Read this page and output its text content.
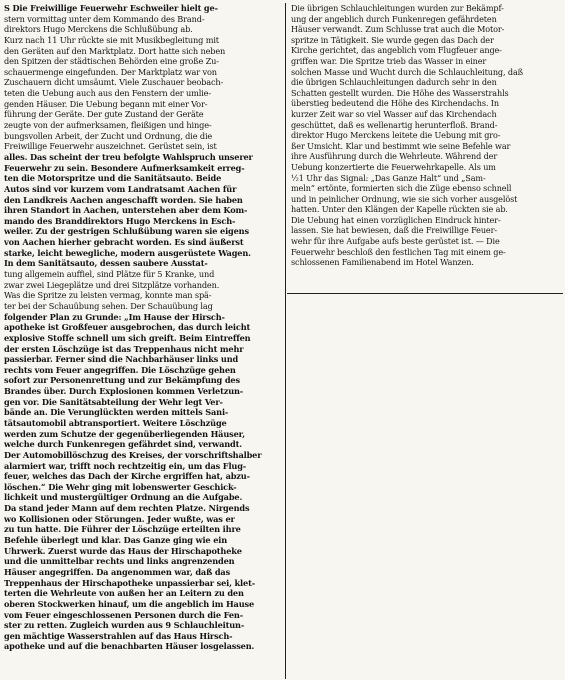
S Die Freiwillige Feuerwehr Eschweiler hielt ge-
stern vormittag unter dem Kommando des Brand-
direktors Hugo Merckens die Schlußübung ab.
Kurz nach 11 Uhr rückte sie mit Musikbegleitung mit
den Geräten auf den Marktplatz. Dort hatte sich neben
den Spitzen der städtischen Behörden eine große Zu-
schauermenge eingefunden. Der Marktplatz war von
Zuschauern dicht umsäumt. Viele Zuschauer beobach-
teten die Uebung auch aus den Fenstern der umlie-
genden Häuser. Die Uebung begann mit einer Vor-
führung der Geräte. Der gute Zustand der Geräte
zeugte von der aufmerksamen, fleißigen und hinge-
bungsvollen Arbeit, der Zucht und Ordnung, die die
Freiwillige Feuerwehr auszeichnet. Gerüstet sein, ist
alles. Das scheint der treu befolgte Wahlspruch unserer
Feuerwehr zu sein. Besondere Aufmerksamkeit erreg-
ten die Motorspritze und die Sanitätsauto. Beide
Autos sind vor kurzem vom Landratsamt Aachen für
den Landkreis Aachen angeschafft worden. Sie haben
ihren Standort in Aachen, unterstehen aber dem Kom-
mando des Branddirektors Hugo Merckens in Esch-
weiler. Zu der gestrigen Schlußübung waren sie eigens
von Aachen hierher gebracht worden. Es sind äußerst
starke, leicht bewegliche, modern ausgerüstete Wagen.
In dem Sanitätsauto, dessen saubere Ausstat-
tung allgemein auffiel, sind Plätze für 5 Kranke, und
zwar zwei Liegeplätze und drei Sitzplätze vorhanden.
Was die Spritze zu leisten vermag, konnte man spä-
ter bei der Schauübung sehen. Der Schauübung lag
folgender Plan zu Grunde: „Im Hause der Hirsch-
apotheke ist Großfeuer ausgebrochen, das durch leicht
explosive Stoffe schnell um sich greift. Beim Eintreffen
der ersten Löschzüge ist das Treppenhaus nicht mehr
passierbar. Ferner sind die Nachbarhäuser links und
rechts vom Feuer angegriffen. Die Löschzüge gehen
sofort zur Personenrettung und zur Bekämpfung des
Brandes über. Durch Explosionen kommen Verletzun-
gen vor. Die Sanitätsabteilung der Wehr legt Ver-
bände an. Die Verunglückten werden mittels Sani-
tätsautomobil abtransportiert. Weitere Löschzüge
werden zum Schutze der gegenüberliegenden Häuser,
welche durch Funkenregen gefährdet sind, verwandt.
Der Automobillöschzug des Kreises, der vorschriftshalber
alarmiert war, trifft noch rechtzeitig ein, um das Flug-
feuer, welches das Dach der Kirche ergriffen hat, abzu-
löschen.“ Die Wehr ging mit lobenswerter Geschick-
lichkeit und mustergültiger Ordnung an die Aufgabe.
Da stand jeder Mann auf dem rechten Platze. Nirgends
wo Kollisionen oder Störungen. Jeder wußte, was er
zu tun hatte. Die Führer der Löschzüge erteilten ihre
Befehle überlegt und klar. Das Ganze ging wie ein
Uhrwerk. Zuerst wurde das Haus der Hirschapotheke
und die unmittelbar rechts und links angrenzenden
Häuser angegriffen. Da angenommen war, daß das
Treppenhaus der Hirschapotheke unpassierbar sei, klet-
terten die Wehrleute von außen her an Leitern zu den
oberen Stockwerken hinauf, um die angeblich im Hause
vom Feuer eingeschlossenen Personen durch die Fen-
ster zu retten. Zugleich wurden aus 9 Schlauchleitun-
gen mächtige Wasserstrahlen auf das Haus Hirsch-
apotheke und auf die benachbarten Häuser losgelassen.
Die übrigen Schlauchleitungen wurden zur Bekämpf-
ung der angeblich durch Funkenregen gefährdeten
Häuser verwandt. Zum Schlusse trat auch die Motor-
spritze in Tätigkeit. Sie wurde gegen das Dach der
Kirche gerichtet, das angeblich vom Flugfeuer ange-
griffen war. Die Spritze trieb das Wasser in einer
solchen Masse und Wucht durch die Schlauchleitung, daß
die übrigen Schlauchleitungen dadurch sehr in den
Schatten gestellt wurden. Die Höhe des Wasserstrahls
überstieg bedeutend die Höhe des Kirchendachs. In
kurzer Zeit war so viel Wasser auf das Kirchendach
geschüttet, daß es wellenartig herunterfloß. Brand-
direktor Hugo Merckens leitete die Uebung mit gro-
ßer Umsicht. Klar und bestimmt wie seine Befehle war
ihre Ausführung durch die Wehrleute. Während der
Uebung konzertierte die Feuerwehrkapelle. Als um
½1 Uhr das Signal: „Das Ganze Halt“ und „Sam-
meln“ ertönte, formierten sich die Züge ebenso schnell
und in peinlicher Ordnung, wie sie sich vorher ausgelöst
hatten. Unter den Klängen der Kapelle rückten sie ab.
Die Uebung hat einen vorzüglichen Eindruck hinter-
lassen. Sie hat bewiesen, daß die Freiwillige Feuer-
wehr für ihre Aufgabe aufs beste gerüstet ist. — Die
Feuerwehr beschloß den festlichen Tag mit einem ge-
schlossenen Familienabend im Hotel Wanzen.
